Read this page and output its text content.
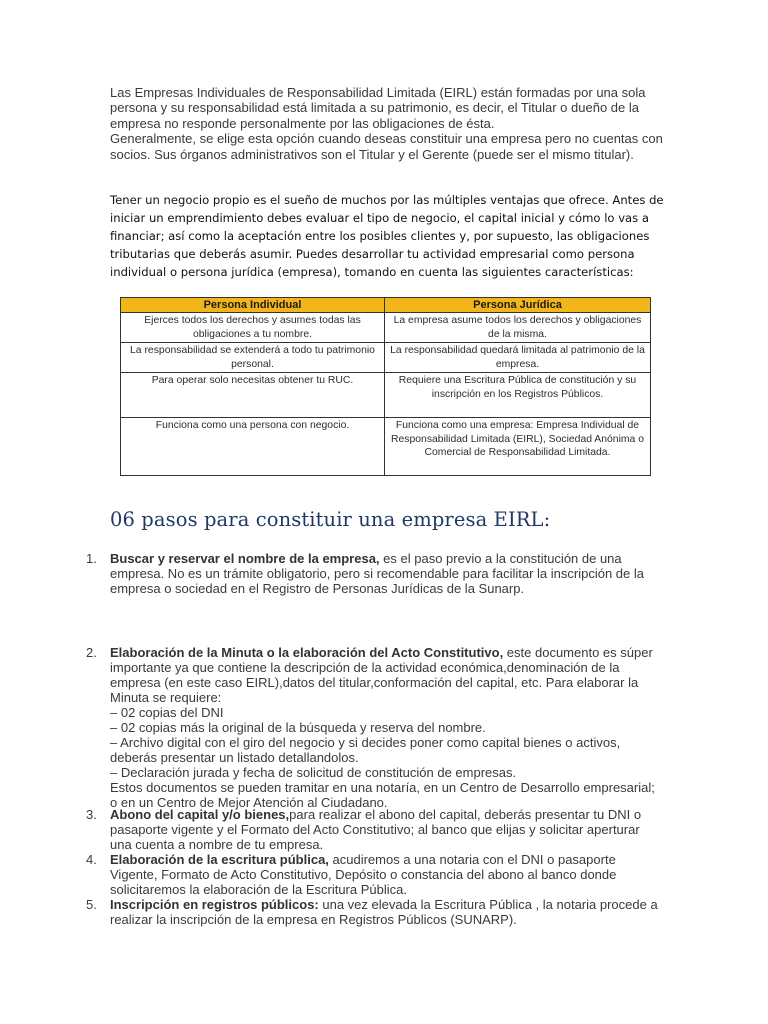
Las Empresas Individuales de Responsabilidad Limitada (EIRL) están formadas por una sola persona y su responsabilidad está limitada a su patrimonio, es decir, el Titular o dueño de la empresa no responde personalmente por las obligaciones de ésta.

Generalmente, se elige esta opción cuando deseas constituir una empresa pero no cuentas con socios. Sus órganos administrativos son el Titular y el Gerente (puede ser el mismo titular).

Tener un negocio propio es el sueño de muchos por las múltiples ventajas que ofrece. Antes de iniciar un emprendimiento debes evaluar el tipo de negocio, el capital inicial y cómo lo vas a financiar; así como la aceptación entre los posibles clientes y, por supuesto, las obligaciones tributarias que deberás asumir. Puedes desarrollar tu actividad empresarial como persona individual o persona jurídica (empresa), tomando en cuenta las siguientes características:

Persona Individual	Persona Jurídica
Ejerces todos los derechos y asumes todas las obligaciones a tu nombre.	La empresa asume todos los derechos y obligaciones de la misma.
La responsabilidad se extenderá a todo tu patrimonio personal.	La responsabilidad quedará limitada al patrimonio de la empresa.
Para operar solo necesitas obtener tu RUC.	Requiere una Escritura Pública de constitución y su inscripción en los Registros Públicos.
Funciona como una persona con negocio.	Funciona como una empresa: Empresa Individual de Responsabilidad Limitada (EIRL), Sociedad Anónima o Comercial de Responsabilidad Limitada.
06 pasos para constituir una empresa EIRL:
1. Buscar y reservar el nombre de la empresa, es el paso previo a la constitución de una empresa. No es un trámite obligatorio, pero si recomendable para facilitar la inscripción de la empresa o sociedad en el Registro de Personas Jurídicas de la Sunarp.
2. Elaboración de la Minuta o la elaboración del Acto Constitutivo, este documento es súper importante ya que contiene la descripción de la actividad económica,denominación de la empresa (en este caso EIRL),datos del titular,conformación del capital, etc. Para elaborar la Minuta se requiere:
– 02 copias del DNI
– 02 copias más la original de la búsqueda y reserva del nombre.
– Archivo digital con el giro del negocio y si decides poner como capital bienes o activos, deberás presentar un listado detallandolos.
– Declaración jurada y fecha de solicitud de constitución de empresas.
Estos documentos se pueden tramitar en una notaría, en un Centro de Desarrollo empresarial; o en un Centro de Mejor Atención al Ciudadano.
3. Abono del capital y/o bienes,para realizar el abono del capital, deberás presentar tu DNI o pasaporte vigente y el Formato del Acto Constitutivo; al banco que elijas y solicitar aperturar una cuenta a nombre de tu empresa.
4. Elaboración de la escritura pública, acudiremos a una notaria con el DNI o pasaporte Vigente, Formato de Acto Constitutivo, Depósito o constancia del abono al banco donde solicitaremos la elaboración de la Escritura Pública.
5. Inscripción en registros públicos: una vez elevada la Escritura Pública , la notaria procede a realizar la inscripción de la empresa en Registros Públicos (SUNARP).
